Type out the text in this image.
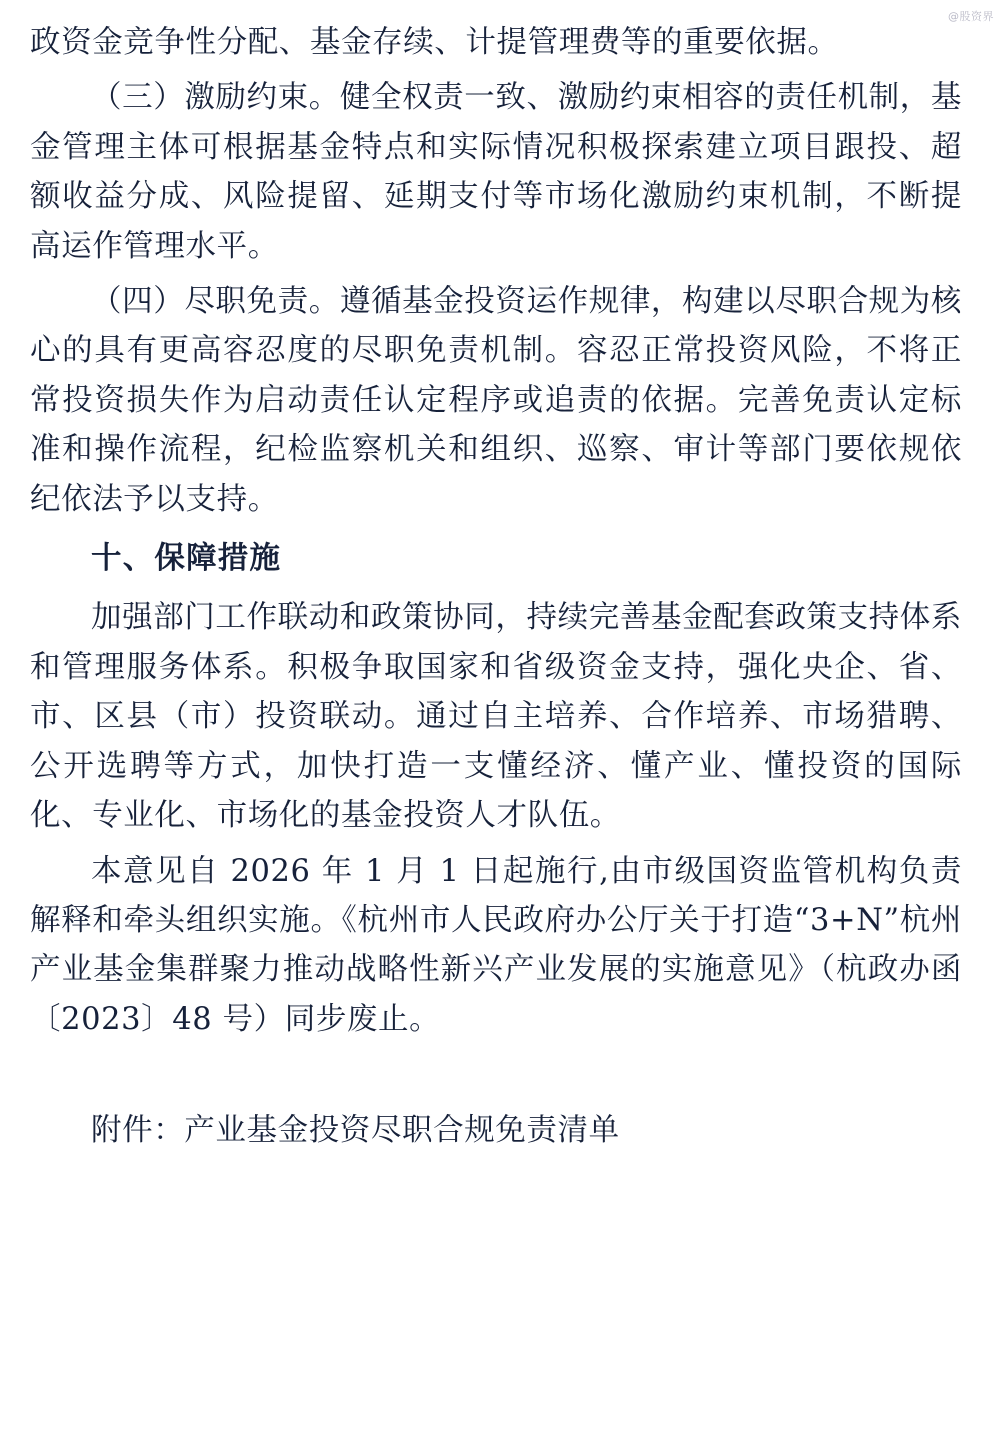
@股资界

政资金竞争性分配、基金存续、计提管理费等的重要依据。

（三）激励约束。健全权责一致、激励约束相容的责任机制，基金管理主体可根据基金特点和实际情况积极探索建立项目跟投、超额收益分成、风险提留、延期支付等市场化激励约束机制，不断提高运作管理水平。

（四）尽职免责。遵循基金投资运作规律，构建以尽职合规为核心的具有更高容忍度的尽职免责机制。容忍正常投资风险，不将正常投资损失作为启动责任认定程序或追责的依据。完善免责认定标准和操作流程，纪检监察机关和组织、巡察、审计等部门要依规依纪依法予以支持。

十、保障措施

加强部门工作联动和政策协同，持续完善基金配套政策支持体系和管理服务体系。积极争取国家和省级资金支持，强化央企、省、市、区县（市）投资联动。通过自主培养、合作培养、市场猎聘、公开选聘等方式，加快打造一支懂经济、懂产业、懂投资的国际化、专业化、市场化的基金投资人才队伍。

本意见自 2026 年 1 月 1 日起施行,由市级国资监管机构负责解释和牵头组织实施。《杭州市人民政府办公厅关于打造“3+N”杭州产业基金集群聚力推动战略性新兴产业发展的实施意见》（杭政办函〔2023〕48 号）同步废止。

附件：产业基金投资尽职合规免责清单
